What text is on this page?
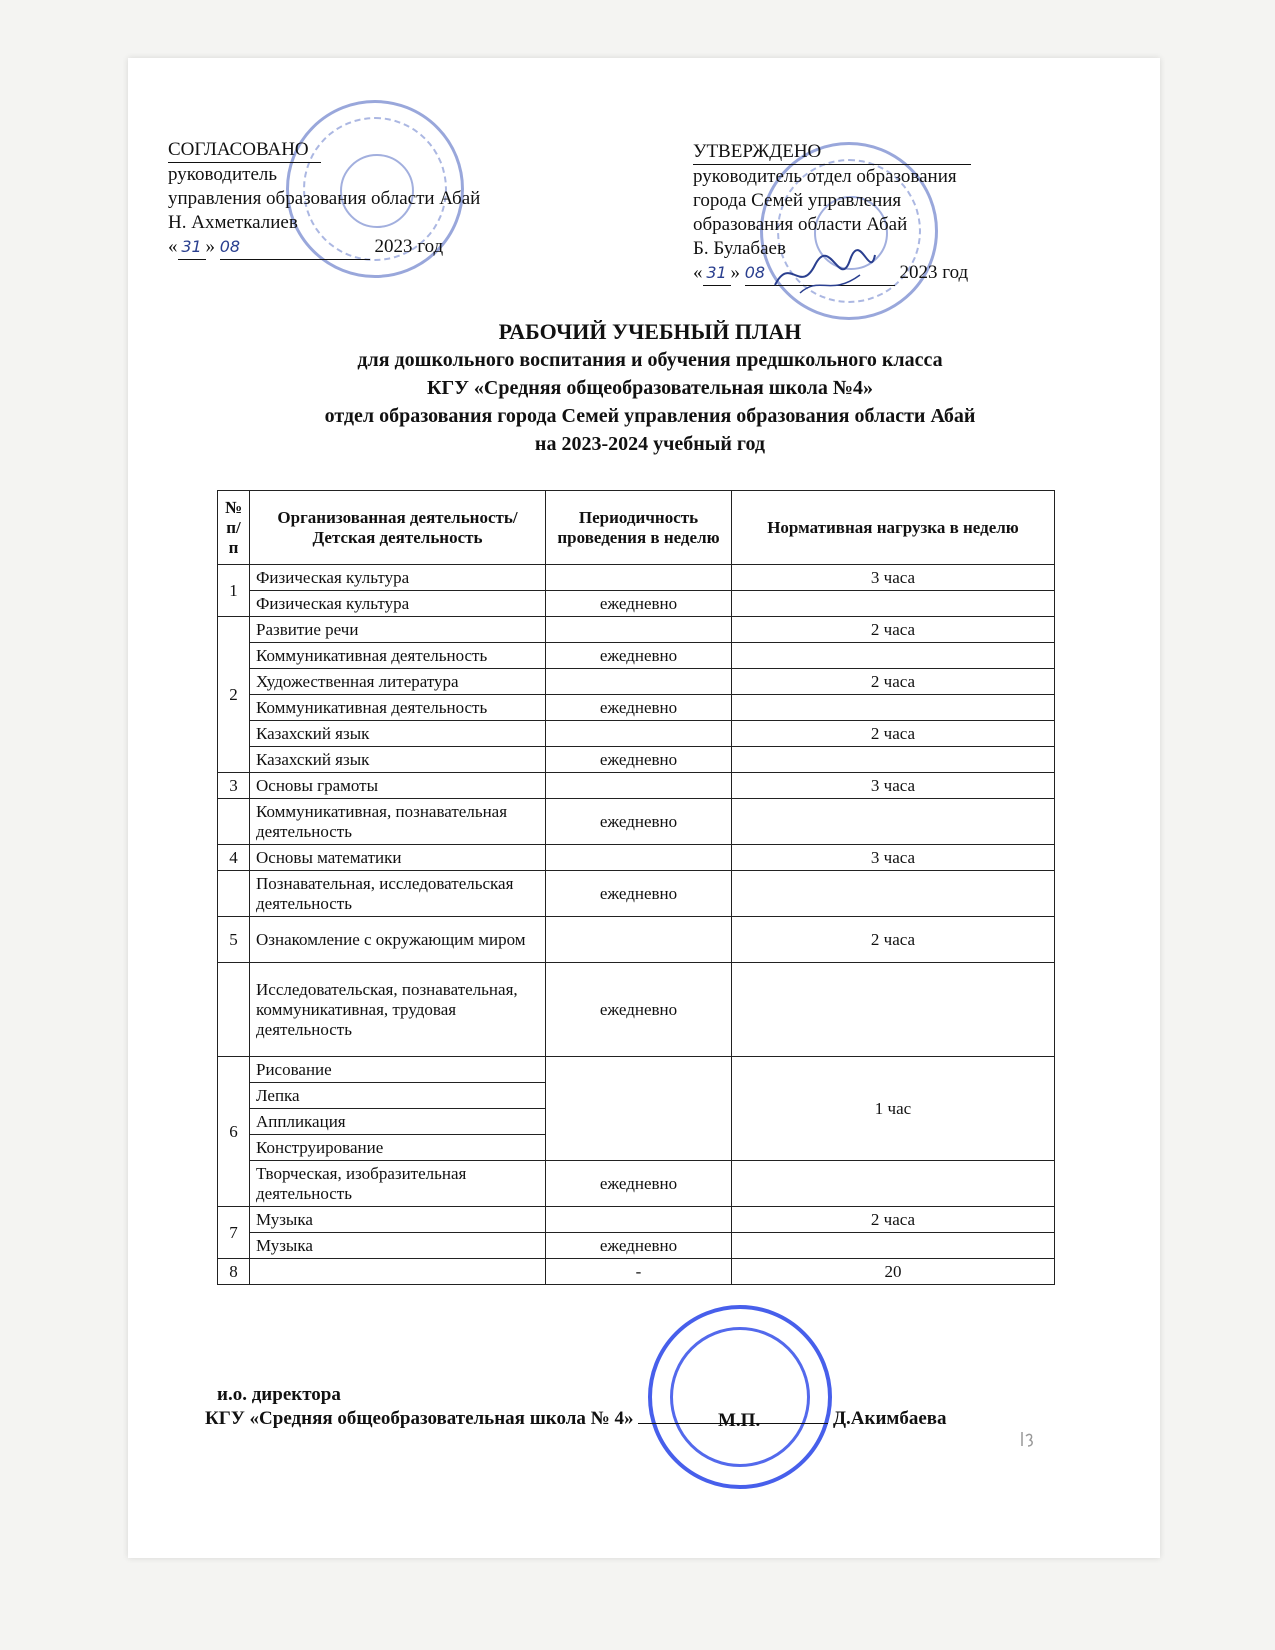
СОГЛАСОВАНО
руководитель
управления образования области Абай
Н. Ахметкалиев
« 31 » 08	2023 год
УТВЕРЖДЕНО
руководитель отдел образования
города Семей управления
образования области Абай
Б. Булабаев
« 31 » 08	2023 год
РАБОЧИЙ УЧЕБНЫЙ ПЛАН
для дошкольного воспитания и обучения предшкольного класса
КГУ «Средняя общеобразовательная школа №4»
отдел образования города Семей управления образования области Абай
на 2023-2024 учебный год
№ п/п	Организованная деятельность/Детская деятельность	Периодичность проведения в неделю	Нормативная нагрузка в неделю
1	Физическая культура		3 часа
	Физическая культура	ежедневно	
2	Развитие речи		2 часа
	Коммуникативная деятельность	ежедневно	
	Художественная литература		2 часа
	Коммуникативная деятельность	ежедневно	
	Казахский язык		2 часа
	Казахский язык	ежедневно	
3	Основы грамоты		3 часа
	Коммуникативная, познавательная деятельность	ежедневно	
4	Основы математики		3 часа
	Познавательная, исследовательская деятельность	ежедневно	
5	Ознакомление с окружающим миром		2 часа
	Исследовательская, познавательная, коммуникативная, трудовая деятельность	ежедневно	
6	Рисование		1 час
	Лепка		
	Аппликация		
	Конструирование		
	Творческая, изобразительная деятельность	ежедневно	
7	Музыка		2 часа
	Музыка	ежедневно	
8		-	20
и.о. директора
КГУ «Средняя общеобразовательная школа № 4»	Д.Акимбаева
М.П.
